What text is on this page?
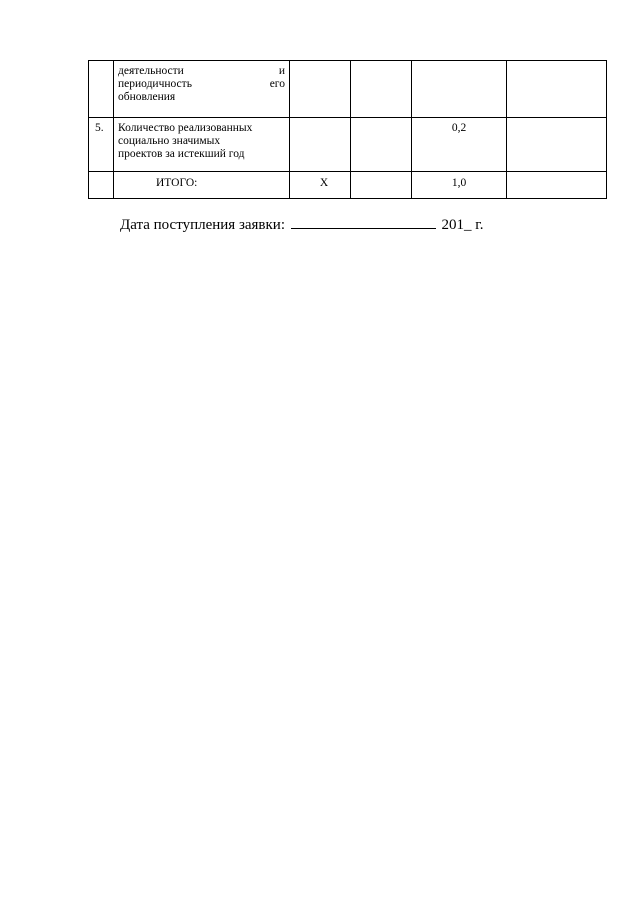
	деятельности и
периодичность его
обновления				

5.	Количество реализованных
социально значимых
проектов за истекший год			0,2	
	ИТОГО:	Х		1,0	
Дата поступления заявки:	201_ г.
